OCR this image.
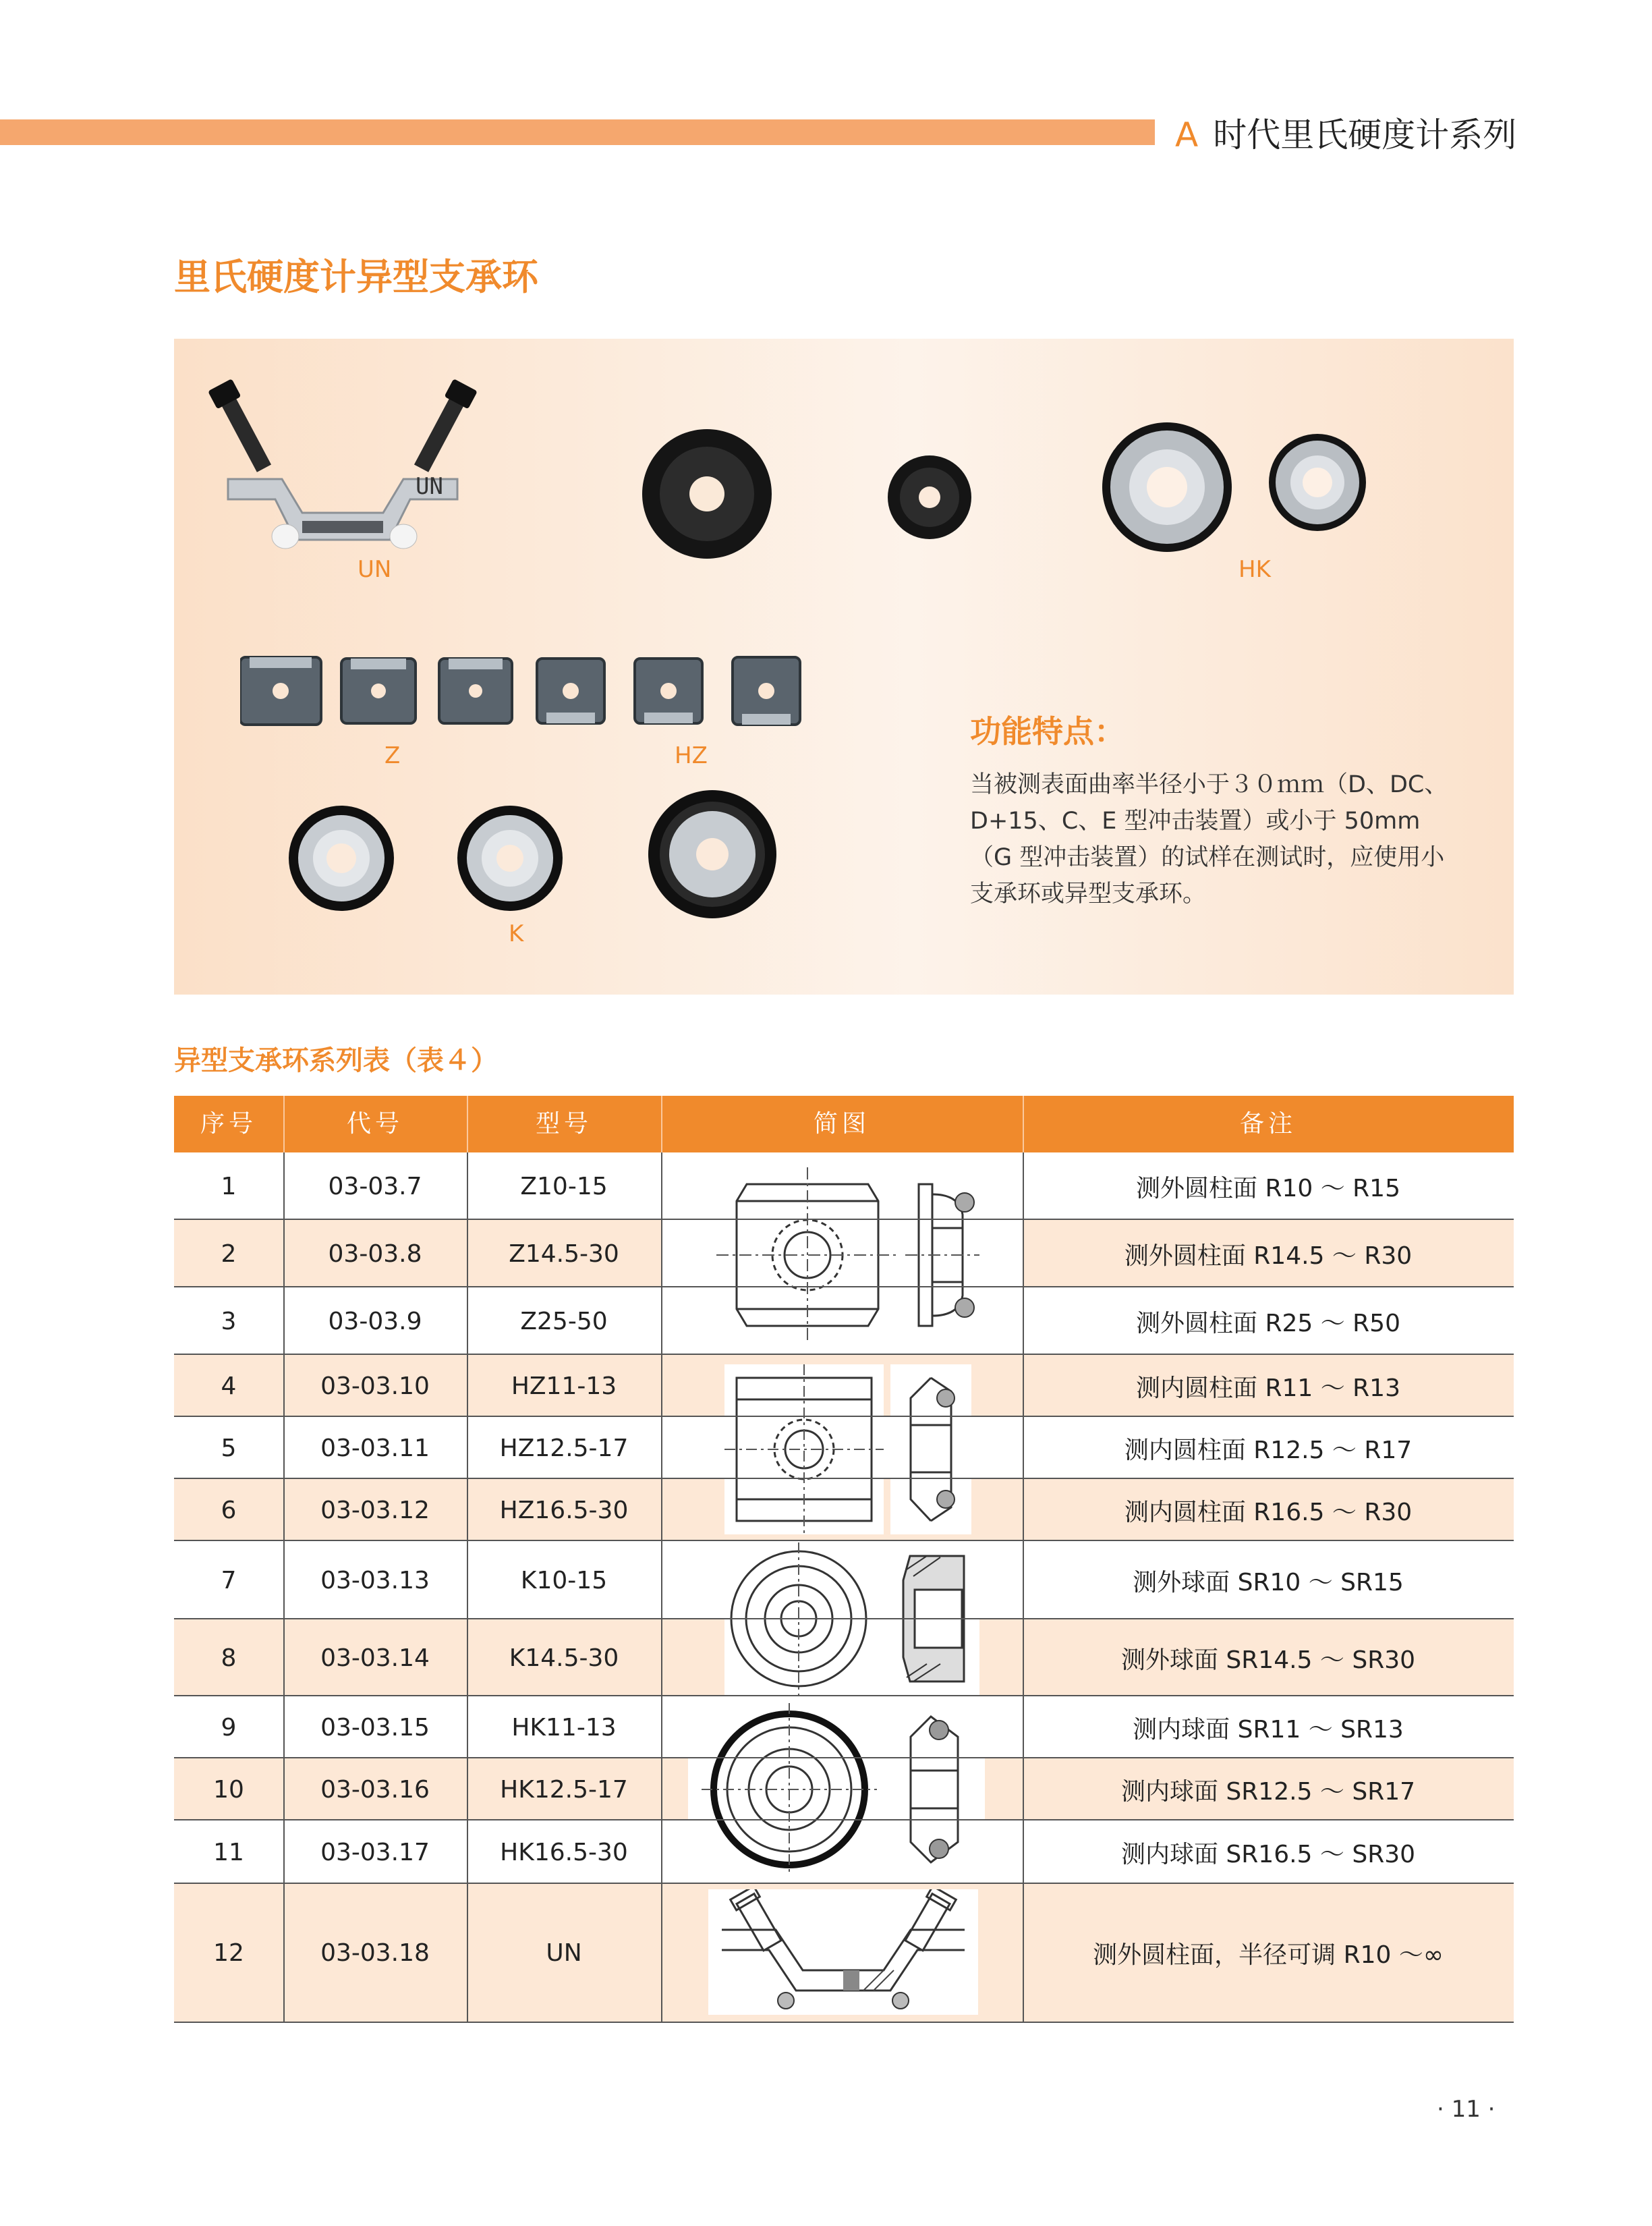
A 时代里氏硬度计系列
里氏硬度计异型支承环
UN
UN	HK
Z	HZ
K
功能特点：
当被测表面曲率半径小于３０ｍｍ（D、DC、D+15、C、E 型冲击装置）或小于 50mm（G 型冲击装置）的试样在测试时，应使用小支承环或异型支承环。
异型支承环系列表（表４）
序号	代号	型号	简图	备注
1	03-03.7	Z10-15	测外圆柱面 R10 ～ R15
2	03-03.8	Z14.5-30	测外圆柱面 R14.5 ～ R30
3	03-03.9	Z25-50	测外圆柱面 R25 ～ R50
4	03-03.10	HZ11-13	测内圆柱面 R11 ～ R13
5	03-03.11	HZ12.5-17	测内圆柱面 R12.5 ～ R17
6	03-03.12	HZ16.5-30	测内圆柱面 R16.5 ～ R30
7	03-03.13	K10-15	测外球面 SR10 ～ SR15
8	03-03.14	K14.5-30	测外球面 SR14.5 ～ SR30
9	03-03.15	HK11-13	测内球面 SR11 ～ SR13
10	03-03.16	HK12.5-17	测内球面 SR12.5 ～ SR17
11	03-03.17	HK16.5-30	测内球面 SR16.5 ～ SR30
12	03-03.18	UN	测外圆柱面，半径可调 R10 ～∞
· 11 ·
